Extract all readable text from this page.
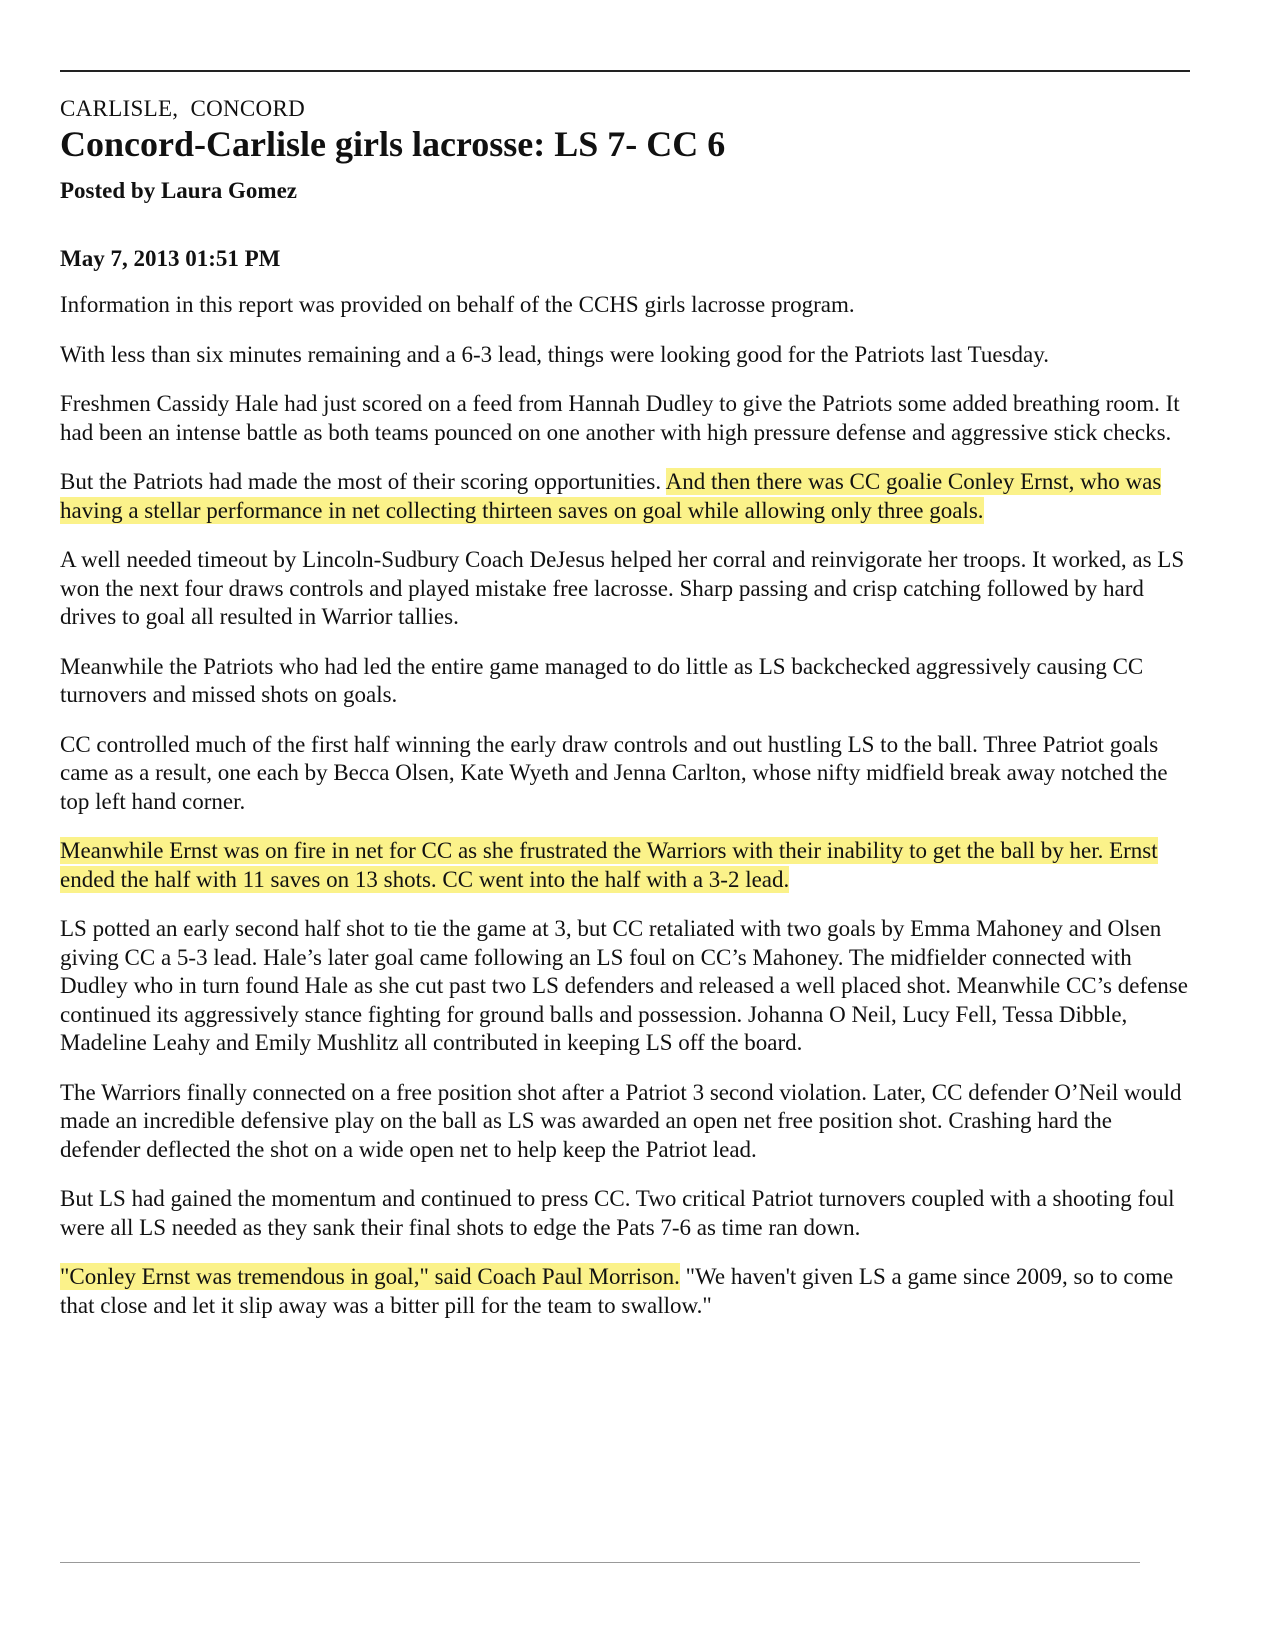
CARLISLE,  CONCORD
Concord-Carlisle girls lacrosse: LS 7- CC 6
Posted by Laura Gomez
May 7, 2013 01:51 PM

Information in this report was provided on behalf of the CCHS girls lacrosse program.

With less than six minutes remaining and a 6-3 lead, things were looking good for the Patriots last Tuesday.

Freshmen Cassidy Hale had just scored on a feed from Hannah Dudley to give the Patriots some added breathing room. It had been an intense battle as both teams pounced on one another with high pressure defense and aggressive stick checks.

But the Patriots had made the most of their scoring opportunities. And then there was CC goalie Conley Ernst, who was having a stellar performance in net collecting thirteen saves on goal while allowing only three goals.

A well needed timeout by Lincoln-Sudbury Coach DeJesus helped her corral and reinvigorate her troops. It worked, as LS won the next four draws controls and played mistake free lacrosse. Sharp passing and crisp catching followed by hard drives to goal all resulted in Warrior tallies.

Meanwhile the Patriots who had led the entire game managed to do little as LS backchecked aggressively causing CC turnovers and missed shots on goals.

CC controlled much of the first half winning the early draw controls and out hustling LS to the ball. Three Patriot goals came as a result, one each by Becca Olsen, Kate Wyeth and Jenna Carlton, whose nifty midfield break away notched the top left hand corner.

Meanwhile Ernst was on fire in net for CC as she frustrated the Warriors with their inability to get the ball by her. Ernst ended the half with 11 saves on 13 shots. CC went into the half with a 3-2 lead.

LS potted an early second half shot to tie the game at 3, but CC retaliated with two goals by Emma Mahoney and Olsen giving CC a 5-3 lead. Hale’s later goal came following an LS foul on CC’s Mahoney. The midfielder connected with Dudley who in turn found Hale as she cut past two LS defenders and released a well placed shot. Meanwhile CC’s defense continued its aggressively stance fighting for ground balls and possession. Johanna O Neil, Lucy Fell, Tessa Dibble, Madeline Leahy and Emily Mushlitz all contributed in keeping LS off the board.

The Warriors finally connected on a free position shot after a Patriot 3 second violation. Later, CC defender O’Neil would made an incredible defensive play on the ball as LS was awarded an open net free position shot. Crashing hard the defender deflected the shot on a wide open net to help keep the Patriot lead.

But LS had gained the momentum and continued to press CC. Two critical Patriot turnovers coupled with a shooting foul were all LS needed as they sank their final shots to edge the Pats 7-6 as time ran down.

"Conley Ernst was tremendous in goal," said Coach Paul Morrison. "We haven't given LS a game since 2009, so to come that close and let it slip away was a bitter pill for the team to swallow."
